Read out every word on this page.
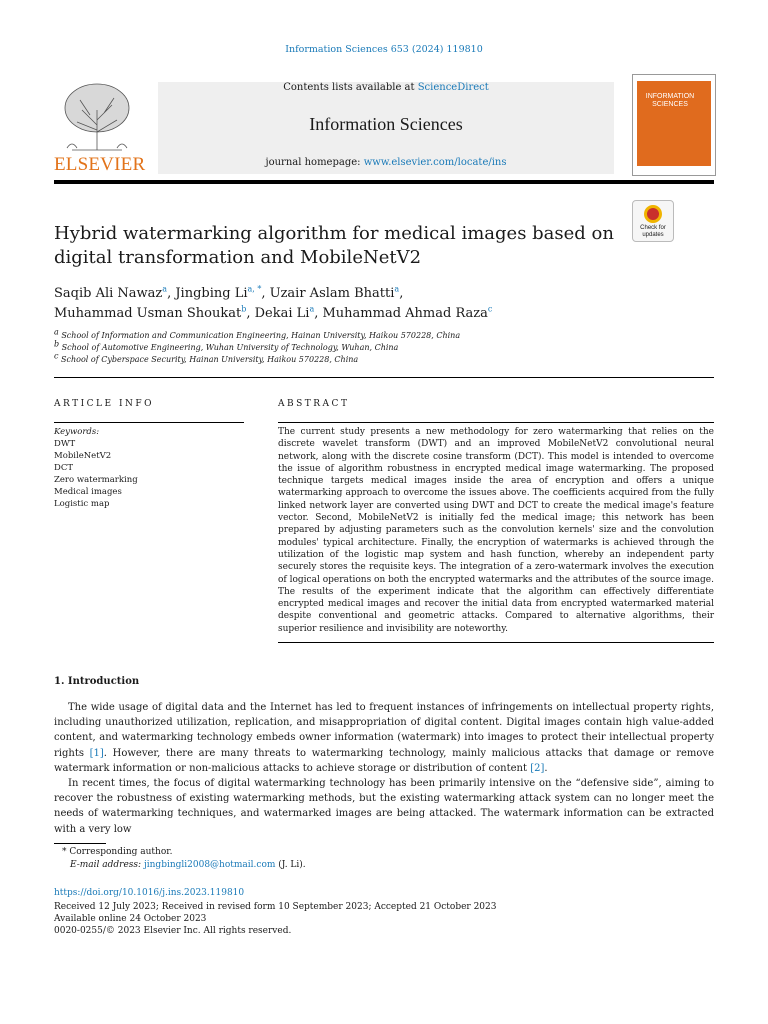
Information Sciences 653 (2024) 119810
ELSEVIER
Contents lists available at ScienceDirect
Information Sciences
journal homepage: www.elsevier.com/locate/ins
INFORMATION SCIENCES
Hybrid watermarking algorithm for medical images based on digital transformation and MobileNetV2
Check for updates
Saqib Ali Nawaz$^a$, Jingbing $Li^{a, *}$, Uzair Aslam Bhatti$^a$,
Muhammad Usman Shoukat$^b$, Dekai Li$^a$, Muhammad Ahmad Raza$^c$
$^a$ School of Information and Communication Engineering, Hainan University, Haikou 570228, China
$^b$ School of Automotive Engineering, Wuhan University of Technology, Wuhan, China
$^c$ School of Cyberspace Security, Hainan University, Haikou 570228, China
ARTICLE INFO	ABSTRACT
Keywords:
DWT
MobileNetV2
DCT
Zero watermarking
Medical images
Logistic map
The current study presents a new methodology for zero watermarking that relies on the discrete wavelet transform (DWT) and an improved MobileNetV2 convolutional neural network, along with the discrete cosine transform (DCT). This model is intended to overcome the issue of algorithm robustness in encrypted medical image watermarking. The proposed technique targets medical images inside the area of encryption and offers a unique watermarking approach to overcome the issues above. The coefficients acquired from the fully linked network layer are converted using DWT and DCT to create the medical image's feature vector. Second, MobileNetV2 is initially fed the medical image; this network has been prepared by adjusting parameters such as the convolution kernels' size and the convolution modules' typical architecture. Finally, the encryption of watermarks is achieved through the utilization of the logistic map system and hash function, whereby an independent party securely stores the requisite keys. The integration of a zero-watermark involves the execution of logical operations on both the encrypted watermarks and the attributes of the source image. The results of the experiment indicate that the algorithm can effectively differentiate encrypted medical images and recover the initial data from encrypted watermarked material despite conventional and geometric attacks. Compared to alternative algorithms, their superior resilience and invisibility are noteworthy.
1. Introduction
The wide usage of digital data and the Internet has led to frequent instances of infringements on intellectual property rights, including unauthorized utilization, replication, and misappropriation of digital content. Digital images contain high value-added content, and watermarking technology embeds owner information (watermark) into images to protect their intellectual property rights [1]. However, there are many threats to watermarking technology, mainly malicious attacks that damage or remove watermark information or non-malicious attacks to achieve storage or distribution of content [2].
In recent times, the focus of digital watermarking technology has been primarily intensive on the “defensive side”, aiming to recover the robustness of existing watermarking methods, but the existing watermarking attack system can no longer meet the needs of watermarking techniques, and watermarked images are being attacked. The watermark information can be extracted with a very low
* Corresponding author.
E-mail address: jingbingli2008@hotmail.com (J. Li).
https://doi.org/10.1016/j.ins.2023.119810
Received 12 July 2023; Received in revised form 10 September 2023; Accepted 21 October 2023
Available online 24 October 2023
0020-0255/© 2023 Elsevier Inc. All rights reserved.
